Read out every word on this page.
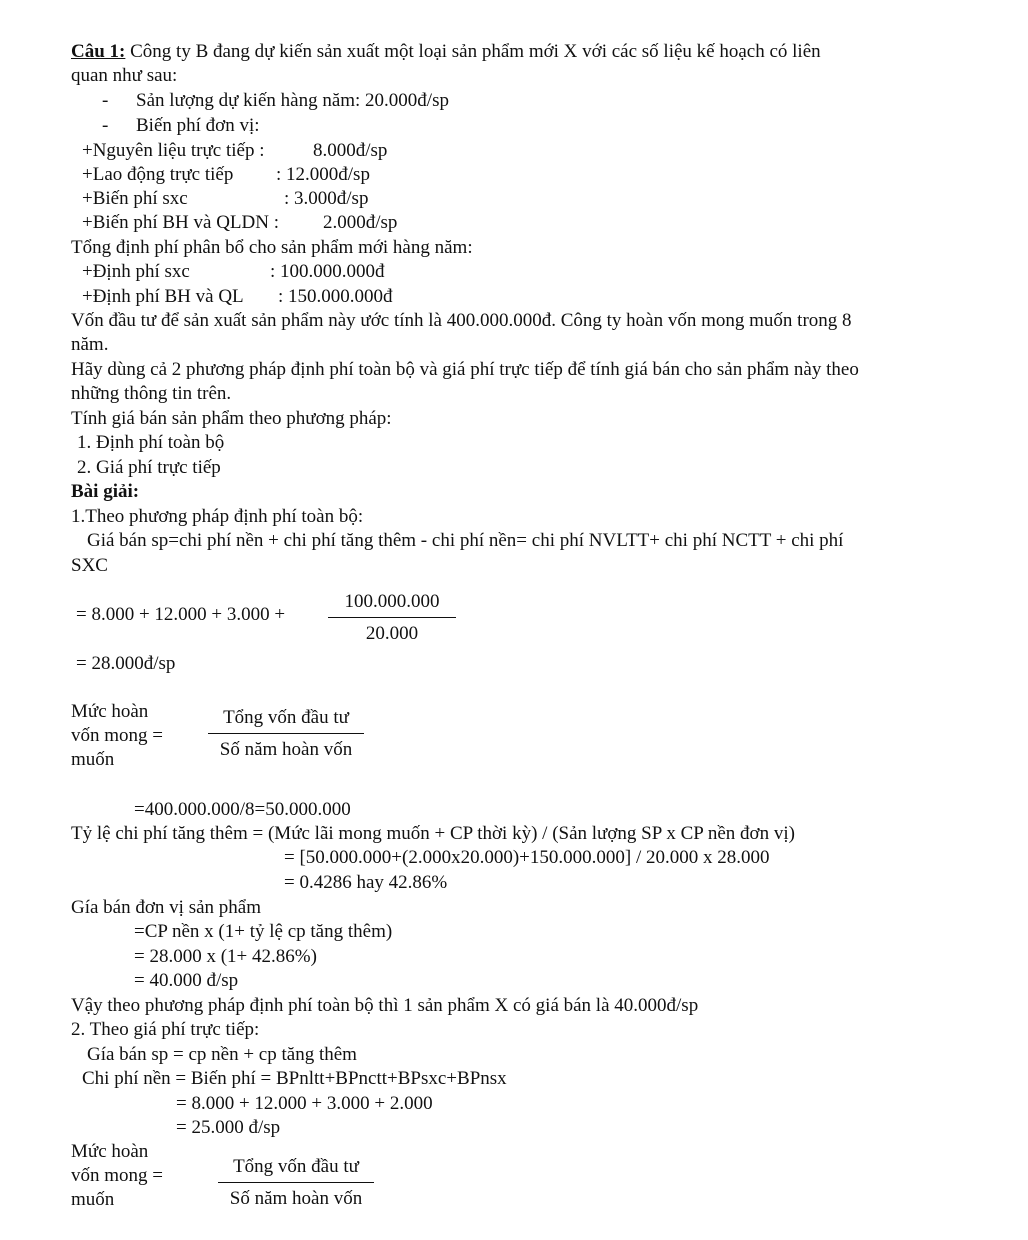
Câu 1: Công ty B đang dự kiến sản xuất một loại sản phẩm mới X với các số liệu kế hoạch có liên
quan như sau:
- Sản lượng dự kiến hàng năm: 20.000đ/sp
- Biến phí đơn vị:
+Nguyên liệu trực tiếp :	8.000đ/sp
+Lao động trực tiếp : 12.000đ/sp
+Biến phí sxc	: 3.000đ/sp
+Biến phí BH và QLDN : 2.000đ/sp
Tổng định phí phân bổ cho sản phẩm mới hàng năm:
+Định phí sxc	: 100.000.000đ
+Định phí BH và QL : 150.000.000đ
Vốn đầu tư để sản xuất sản phẩm này ước tính là 400.000.000đ. Công ty hoàn vốn mong muốn trong 8
năm.
Hãy dùng cả 2 phương pháp định phí toàn bộ và giá phí trực tiếp để tính giá bán cho sản phẩm này theo
những thông tin trên.
Tính giá bán sản phẩm theo phương pháp:
1. Định phí toàn bộ
2. Giá phí trực tiếp
Bài giải:
1.Theo phương pháp định phí toàn bộ:
Giá bán sp=chi phí nền + chi phí tăng thêm - chi phí nền= chi phí NVLTT+ chi phí NCTT + chi phí
SXC
= $8.000 + 12.000 + 3.000 + \frac{100.000.000}{20.000}$
= 28.000đ/sp
Mức hoàn
vốn mong =
muốn
Tổng vốn đầu tư
Số năm hoàn vốn
=400.000.000/8=50.000.000
Tỷ lệ chi phí tăng thêm = (Mức lãi mong muốn + CP thời kỳ) / (Sản lượng SP x CP nền đơn vị)
= [50.000.000+(2.000x20.000)+150.000.000] / 20.000 x 28.000
= 0.4286 hay 42.86%
Gía bán đơn vị sản phẩm
=CP nền x (1+ tỷ lệ cp tăng thêm)
= 28.000 x (1+ 42.86%)
= 40.000 đ/sp
Vậy theo phương pháp định phí toàn bộ thì 1 sản phẩm X có giá bán là 40.000đ/sp
2. Theo giá phí trực tiếp:
Gía bán sp = cp nền + cp tăng thêm
Chi phí nền = Biến phí = BPnltt+BPnctt+BPsxc+BPnsx
= 8.000 + 12.000 + 3.000 + 2.000
= 25.000 đ/sp
Mức hoàn
vốn mong =
muốn
Tổng vốn đầu tư
Số năm hoàn vốn
